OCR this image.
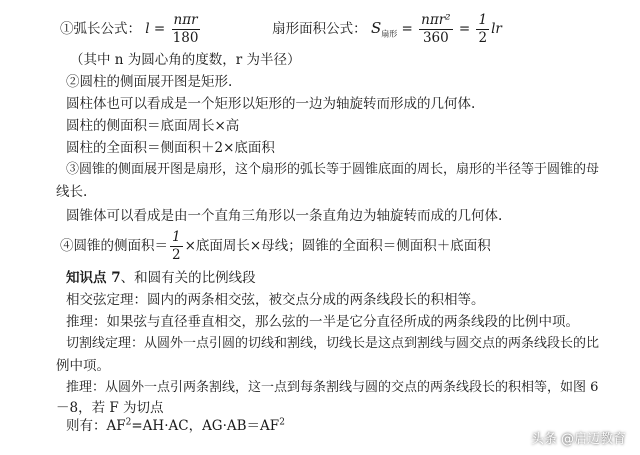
①弧长公式： $l = \frac{\text{nπr}}{180}$	扇形面积公式： $S_{扇形} = \frac{\text{nπr²}}{360} = \frac{1}{2}$ lr
（其中 n 为圆心角的度数，r 为半径）
②圆柱的侧面展开图是矩形.
圆柱体也可以看成是一个矩形以矩形的一边为轴旋转而形成的几何体.
圆柱的侧面积＝底面周长×高
圆柱的全面积＝侧面积＋2×底面积
③圆锥的侧面展开图是扇形，这个扇形的弧长等于圆锥底面的周长，扇形的半径等于圆锥的母
线长.
圆锥体可以看成是由一个直角三角形以一条直角边为轴旋转而成的几何体.
④圆锥的侧面积＝ $\frac{1}{2}$ ×底面周长×母线；圆锥的全面积＝侧面积＋底面积
知识点 7、和圆有关的比例线段
相交弦定理：圆内的两条相交弦，被交点分成的两条线段长的积相等。
推理：如果弦与直径垂直相交，那么弦的一半是它分直径所成的两条线段的比例中项。
切割线定理：从圆外一点引圆的切线和割线，切线长是这点到割线与圆交点的两条线段长的比
例中项。
推理：从圆外一点引两条割线，这一点到每条割线与圆的交点的两条线段长的积相等，如图 6
－8，若 F 为切点
则有：$AF^2=AH\cdot AC$，$AG\cdot AB=AF^2$
头条 @启迈教育
